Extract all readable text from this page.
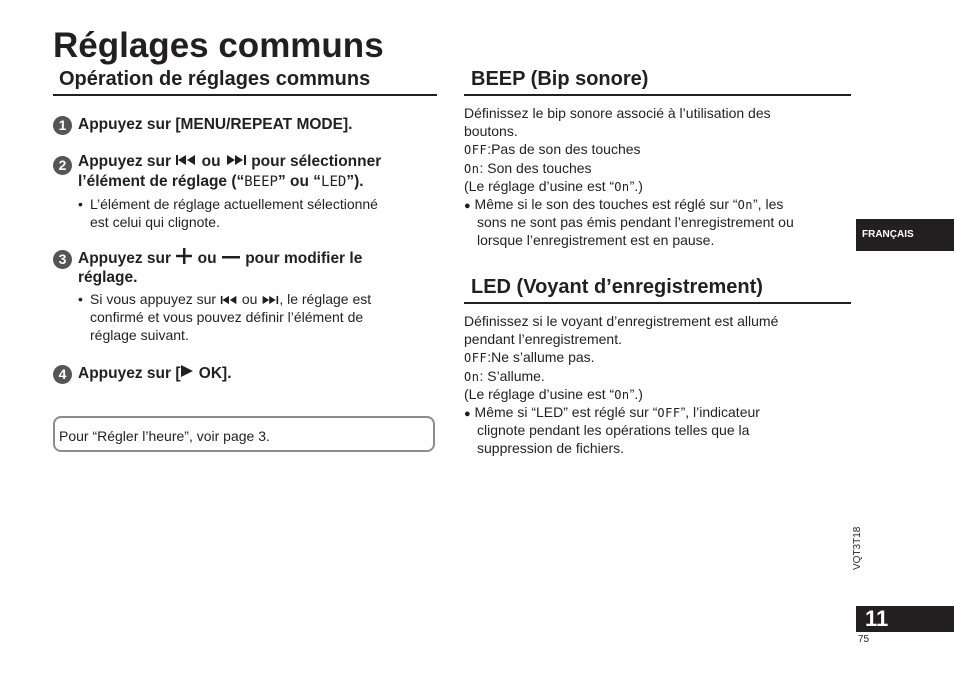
Réglages communs
Opération de réglages communs
1 Appuyez sur [MENU/REPEAT MODE].
2 Appuyez sur ou pour sélectionner
l’élément de réglage (“BEEP” ou “LED”).
• L’élément de réglage actuellement sélectionné
est celui qui clignote.
3 Appuyez sur ou pour modifier le
réglage.
• Si vous appuyez sur ou , le réglage est
confirmé et vous pouvez définir l’élément de
réglage suivant.
4 Appuyez sur [ OK].
Pour “Régler l’heure”, voir page 3.
BEEP (Bip sonore)
Définissez le bip sonore associé à l’utilisation des
boutons.
OFF:Pas de son des touches
On: Son des touches
(Le réglage d’usine est “On”.)
● Même si le son des touches est réglé sur “On”, les
sons ne sont pas émis pendant l’enregistrement ou
lorsque l’enregistrement est en pause.
LED (Voyant d’enregistrement)
Définissez si le voyant d’enregistrement est allumé
pendant l’enregistrement.
OFF:Ne s’allume pas.
On: S’allume.
(Le réglage d’usine est “On”.)
● Même si “LED” est réglé sur “OFF”, l’indicateur
clignote pendant les opérations telles que la
suppression de fichiers.
FRANÇAIS
VQT3T18
11
75
